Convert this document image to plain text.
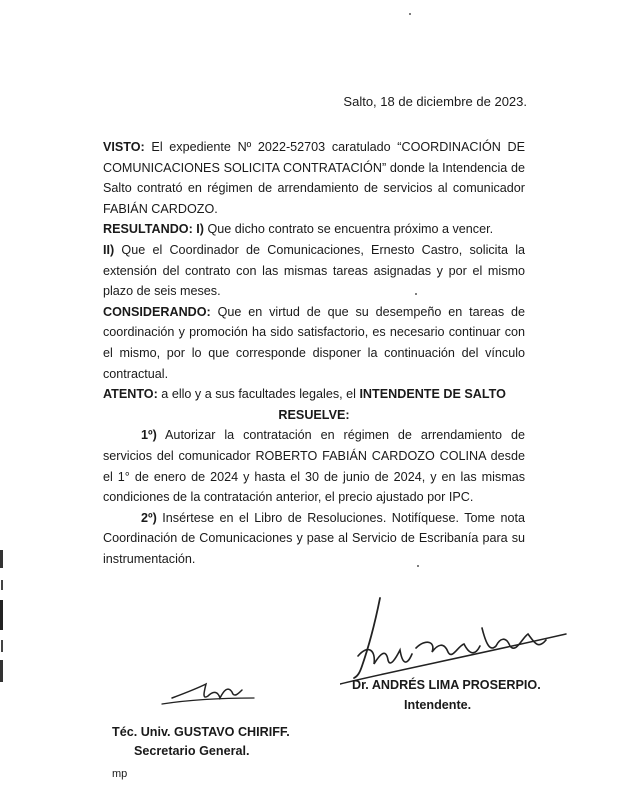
Salto, 18 de diciembre de 2023.

VISTO: El expediente Nº 2022-52703 caratulado “COORDINACIÓN DE COMUNICACIONES SOLICITA CONTRATACIÓN” donde la Intendencia de Salto contrató en régimen de arrendamiento de servicios al comunicador FABIÁN CARDOZO.

RESULTANDO: I) Que dicho contrato se encuentra próximo a vencer.

II) Que el Coordinador de Comunicaciones, Ernesto Castro, solicita la extensión del contrato con las mismas tareas asignadas y por el mismo plazo de seis meses.

CONSIDERANDO: Que en virtud de que su desempeño en tareas de coordinación y promoción ha sido satisfactorio, es necesario continuar con el mismo, por lo que corresponde disponer la continuación del vínculo contractual.

ATENTO: a ello y a sus facultades legales, el INTENDENTE DE SALTO

RESUELVE:

1º) Autorizar la contratación en régimen de arrendamiento de servicios del comunicador ROBERTO FABIÁN CARDOZO COLINA desde el 1° de enero de 2024 y hasta el 30 de junio de 2024, y en las mismas condiciones de la contratación anterior, el precio ajustado por IPC.

2º) Insértese en el Libro de Resoluciones. Notifíquese. Tome nota Coordinación de Comunicaciones y pase al Servicio de Escribanía para su instrumentación.

Dr. ANDRÉS LIMA PROSERPIO.
Intendente.
Téc. Univ. GUSTAVO CHIRIFF.
Secretario General.
mp
